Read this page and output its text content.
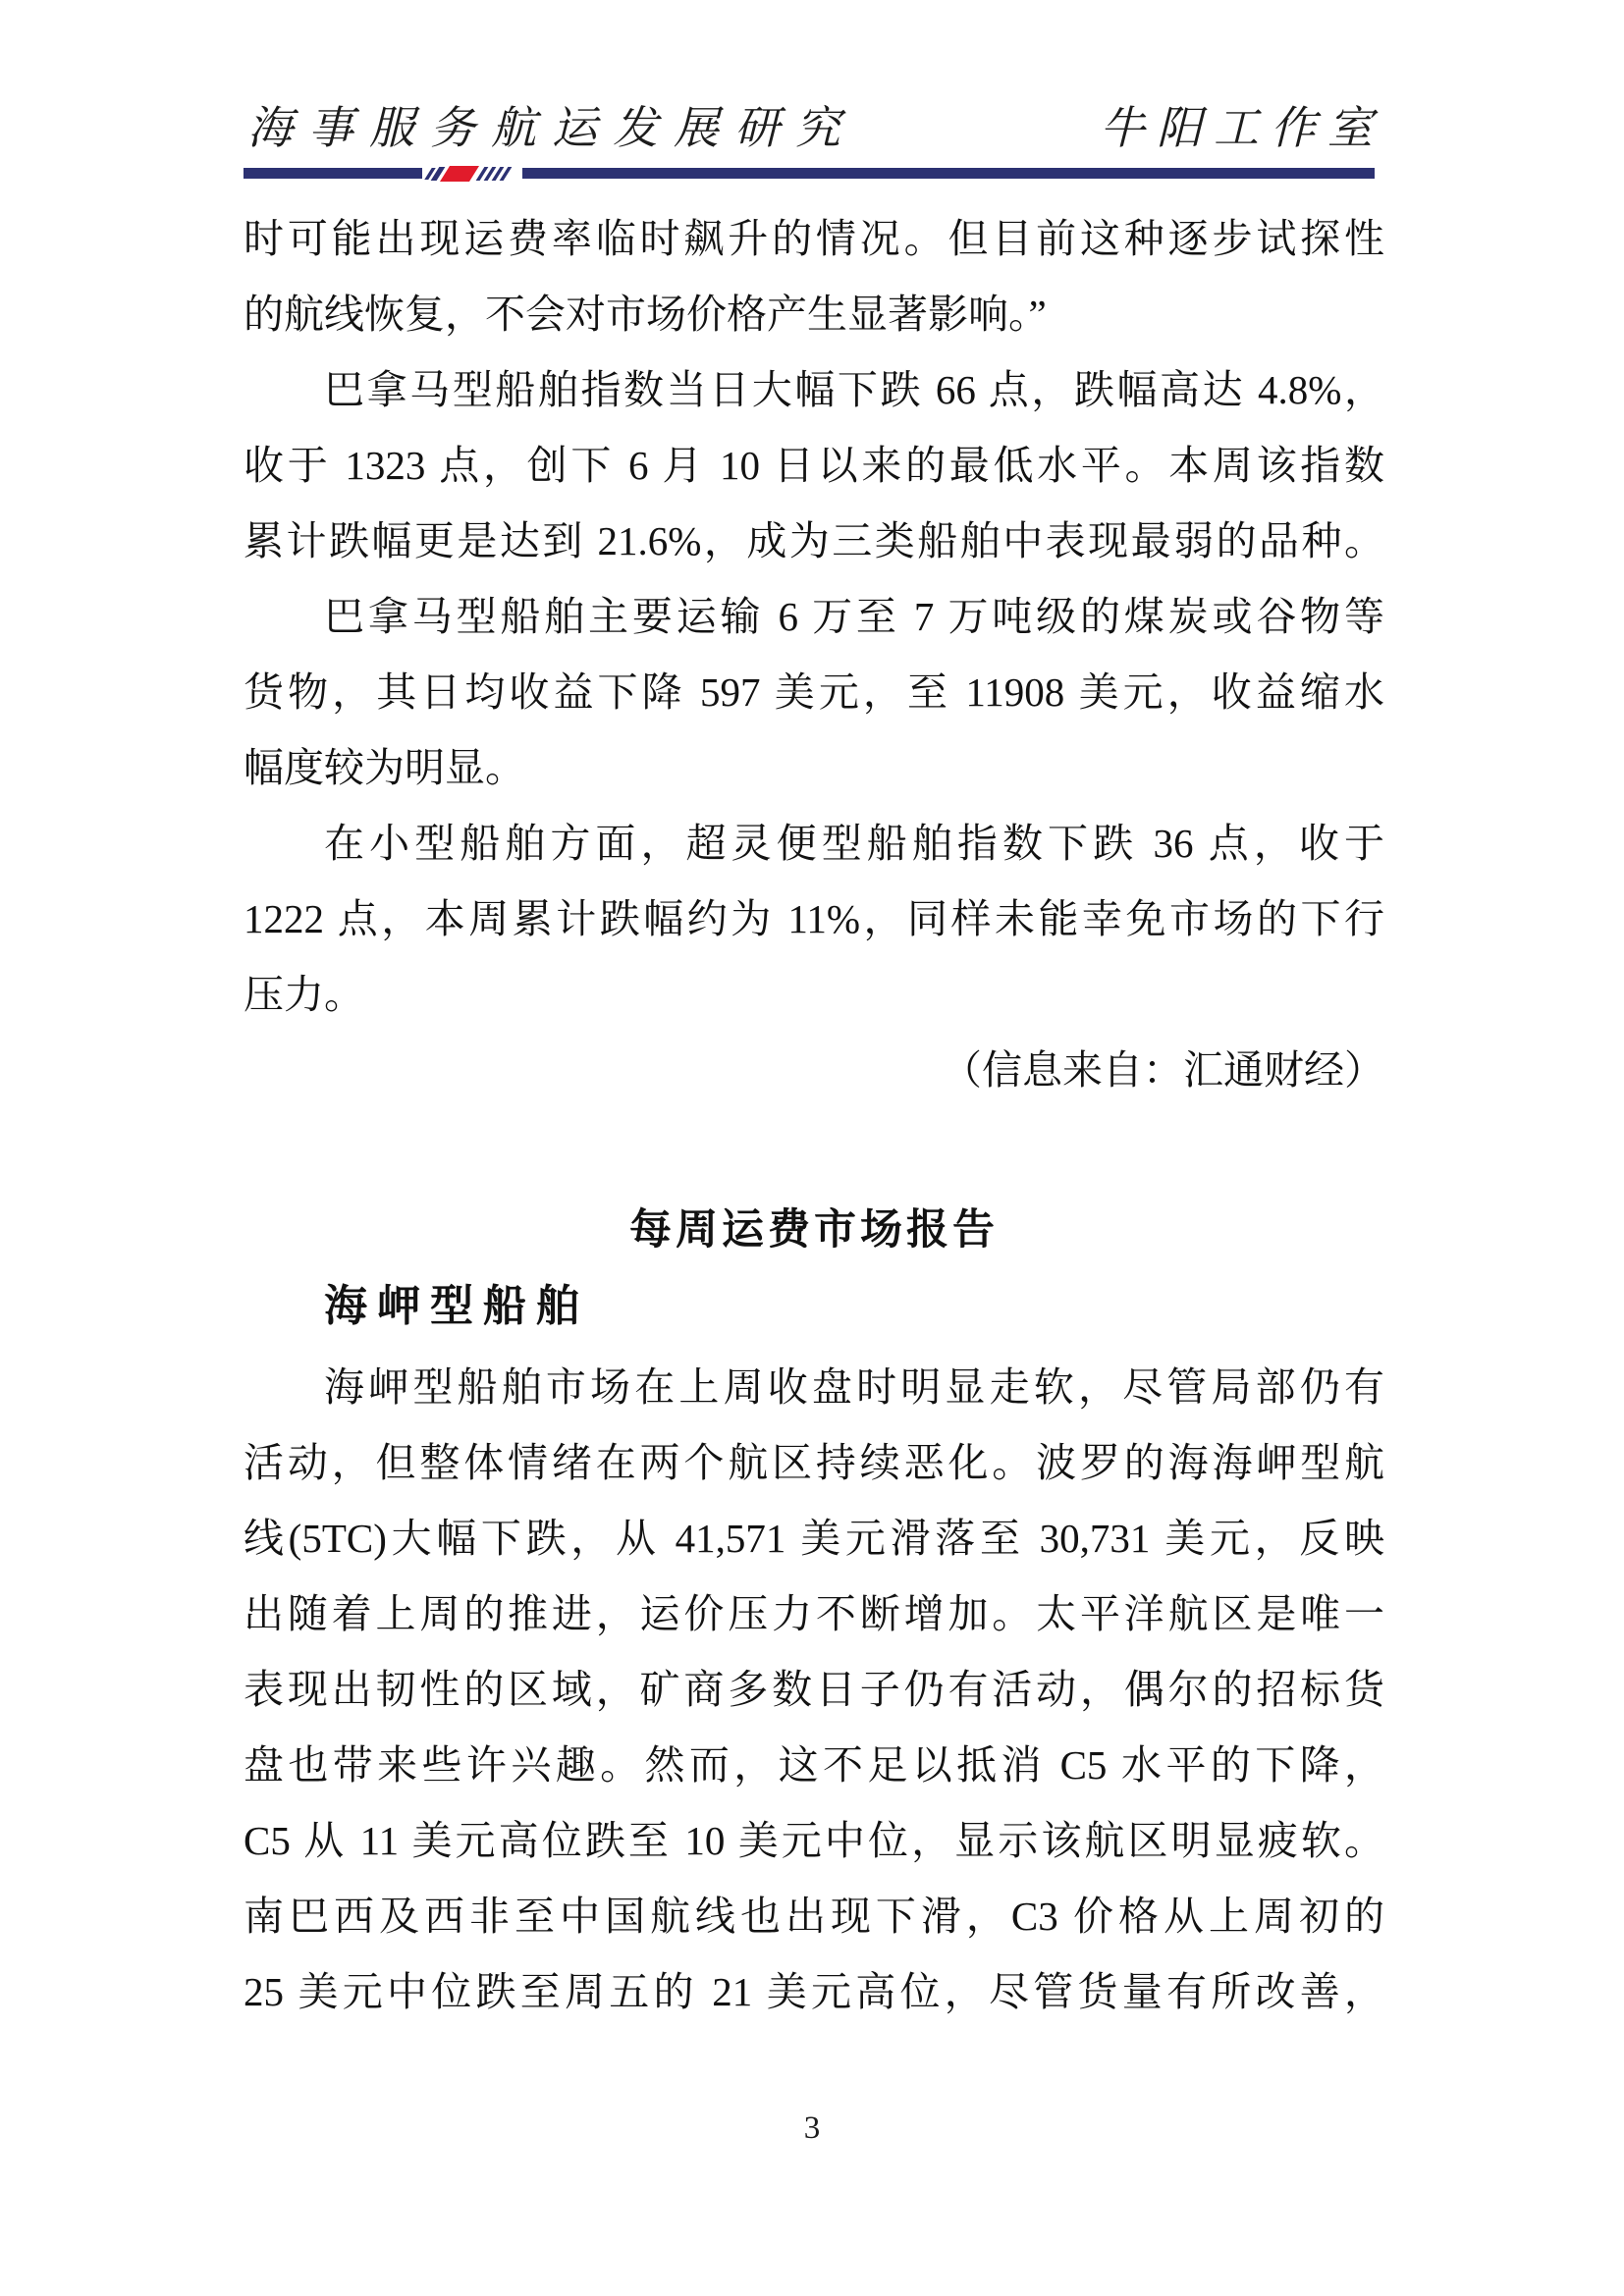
海事服务航运发展研究	牛阳工作室
时可能出现运费率临时飙升的情况。但目前这种逐步试探性
的航线恢复，不会对市场价格产生显著影响。”
巴拿马型船舶指数当日大幅下跌 66 点，跌幅高达 4.8%，
收于 1323 点，创下 6 月 10 日以来的最低水平。本周该指数
累计跌幅更是达到 21.6%，成为三类船舶中表现最弱的品种。
巴拿马型船舶主要运输 6 万至 7 万吨级的煤炭或谷物等
货物，其日均收益下降 597 美元，至 11908 美元，收益缩水
幅度较为明显。
在小型船舶方面，超灵便型船舶指数下跌 36 点，收于
1222 点，本周累计跌幅约为 11%，同样未能幸免市场的下行
压力。
（信息来自：汇通财经）
每周运费市场报告
海岬型船舶
海岬型船舶市场在上周收盘时明显走软，尽管局部仍有
活动，但整体情绪在两个航区持续恶化。波罗的海海岬型航
线(5TC)大幅下跌，从 41,571 美元滑落至 30,731 美元，反映
出随着上周的推进，运价压力不断增加。太平洋航区是唯一
表现出韧性的区域，矿商多数日子仍有活动，偶尔的招标货
盘也带来些许兴趣。然而，这不足以抵消 C5 水平的下降，
C5 从 11 美元高位跌至 10 美元中位，显示该航区明显疲软。
南巴西及西非至中国航线也出现下滑，C3 价格从上周初的
25 美元中位跌至周五的 21 美元高位，尽管货量有所改善，
3
